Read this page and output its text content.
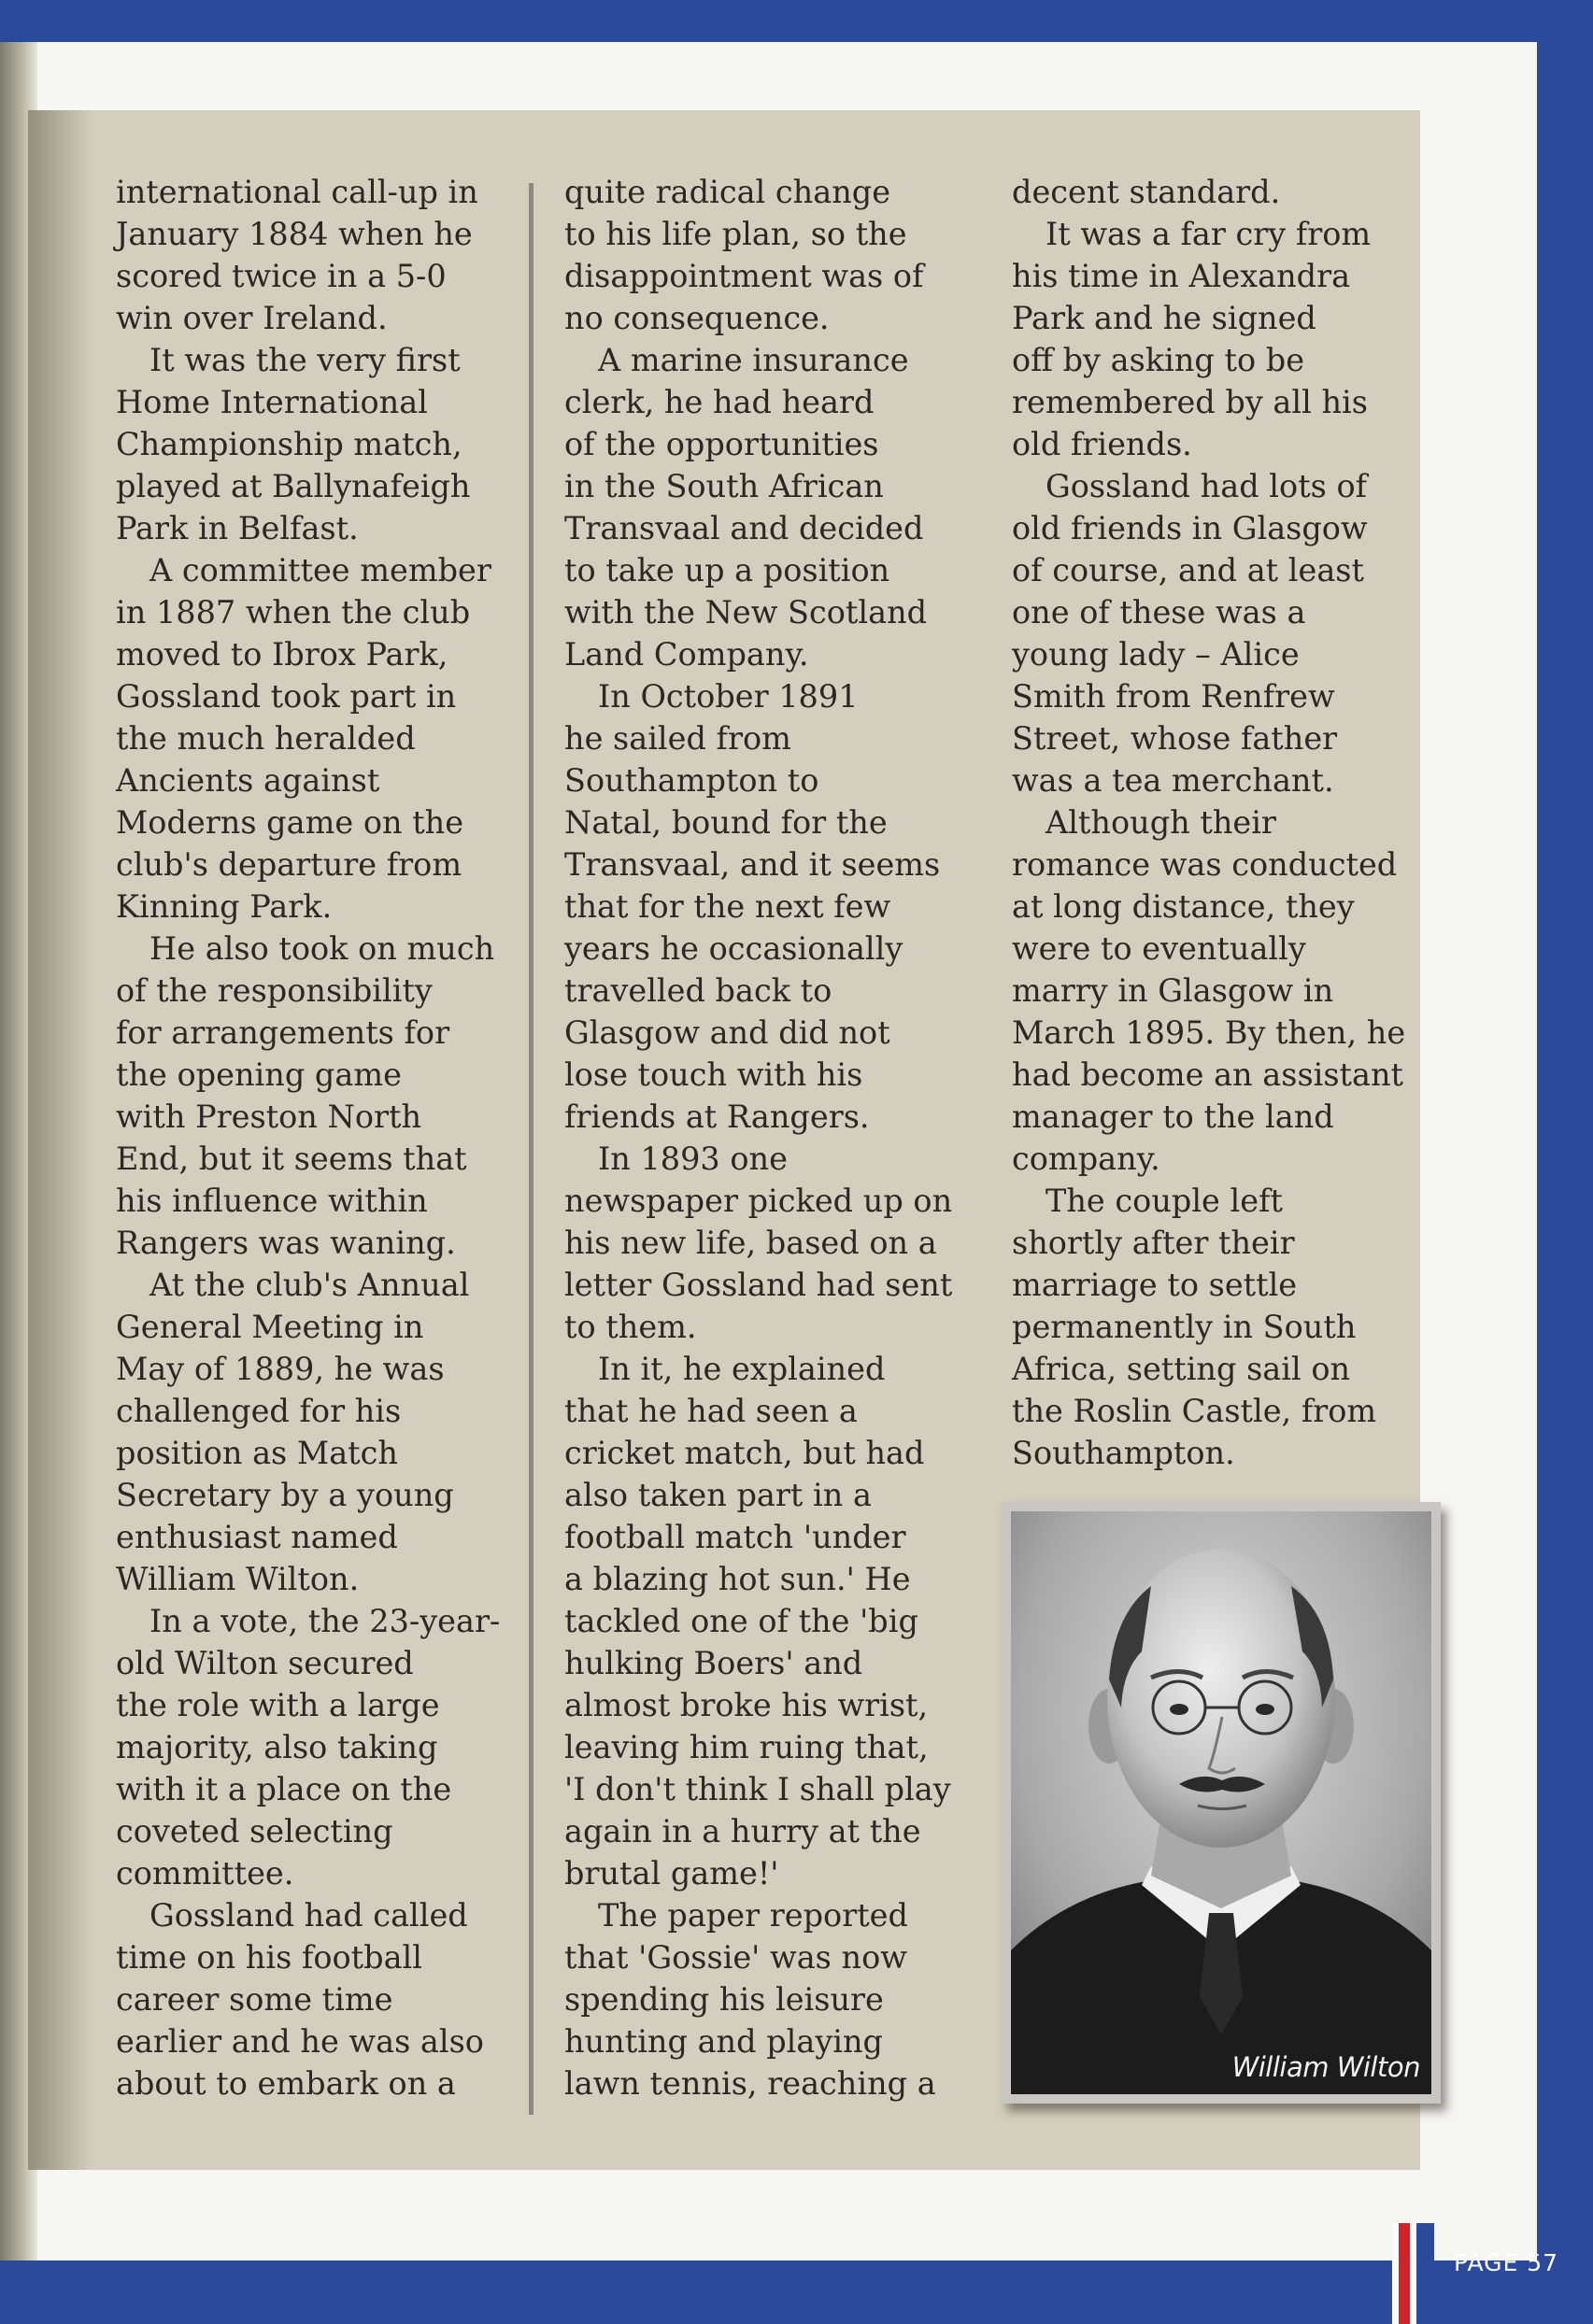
international call-up in
January 1884 when he
scored twice in a 5-0
win over Ireland.
It was the very first
Home International
Championship match,
played at Ballynafeigh
Park in Belfast.
A committee member
in 1887 when the club
moved to Ibrox Park,
Gossland took part in
the much heralded
Ancients against
Moderns game on the
club's departure from
Kinning Park.
He also took on much
of the responsibility
for arrangements for
the opening game
with Preston North
End, but it seems that
his influence within
Rangers was waning.
At the club's Annual
General Meeting in
May of 1889, he was
challenged for his
position as Match
Secretary by a young
enthusiast named
William Wilton.
In a vote, the 23-year-
old Wilton secured
the role with a large
majority, also taking
with it a place on the
coveted selecting
committee.
Gossland had called
time on his football
career some time
earlier and he was also
about to embark on a
quite radical change
to his life plan, so the
disappointment was of
no consequence.
A marine insurance
clerk, he had heard
of the opportunities
in the South African
Transvaal and decided
to take up a position
with the New Scotland
Land Company.
In October 1891
he sailed from
Southampton to
Natal, bound for the
Transvaal, and it seems
that for the next few
years he occasionally
travelled back to
Glasgow and did not
lose touch with his
friends at Rangers.
In 1893 one
newspaper picked up on
his new life, based on a
letter Gossland had sent
to them.
In it, he explained
that he had seen a
cricket match, but had
also taken part in a
football match 'under
a blazing hot sun.' He
tackled one of the 'big
hulking Boers' and
almost broke his wrist,
leaving him ruing that,
'I don't think I shall play
again in a hurry at the
brutal game!'
The paper reported
that 'Gossie' was now
spending his leisure
hunting and playing
lawn tennis, reaching a
decent standard.
It was a far cry from
his time in Alexandra
Park and he signed
off by asking to be
remembered by all his
old friends.
Gossland had lots of
old friends in Glasgow
of course, and at least
one of these was a
young lady – Alice
Smith from Renfrew
Street, whose father
was a tea merchant.
Although their
romance was conducted
at long distance, they
were to eventually
marry in Glasgow in
March 1895. By then, he
had become an assistant
manager to the land
company.
The couple left
shortly after their
marriage to settle
permanently in South
Africa, setting sail on
the Roslin Castle, from
Southampton.
William Wilton
PAGE 57
